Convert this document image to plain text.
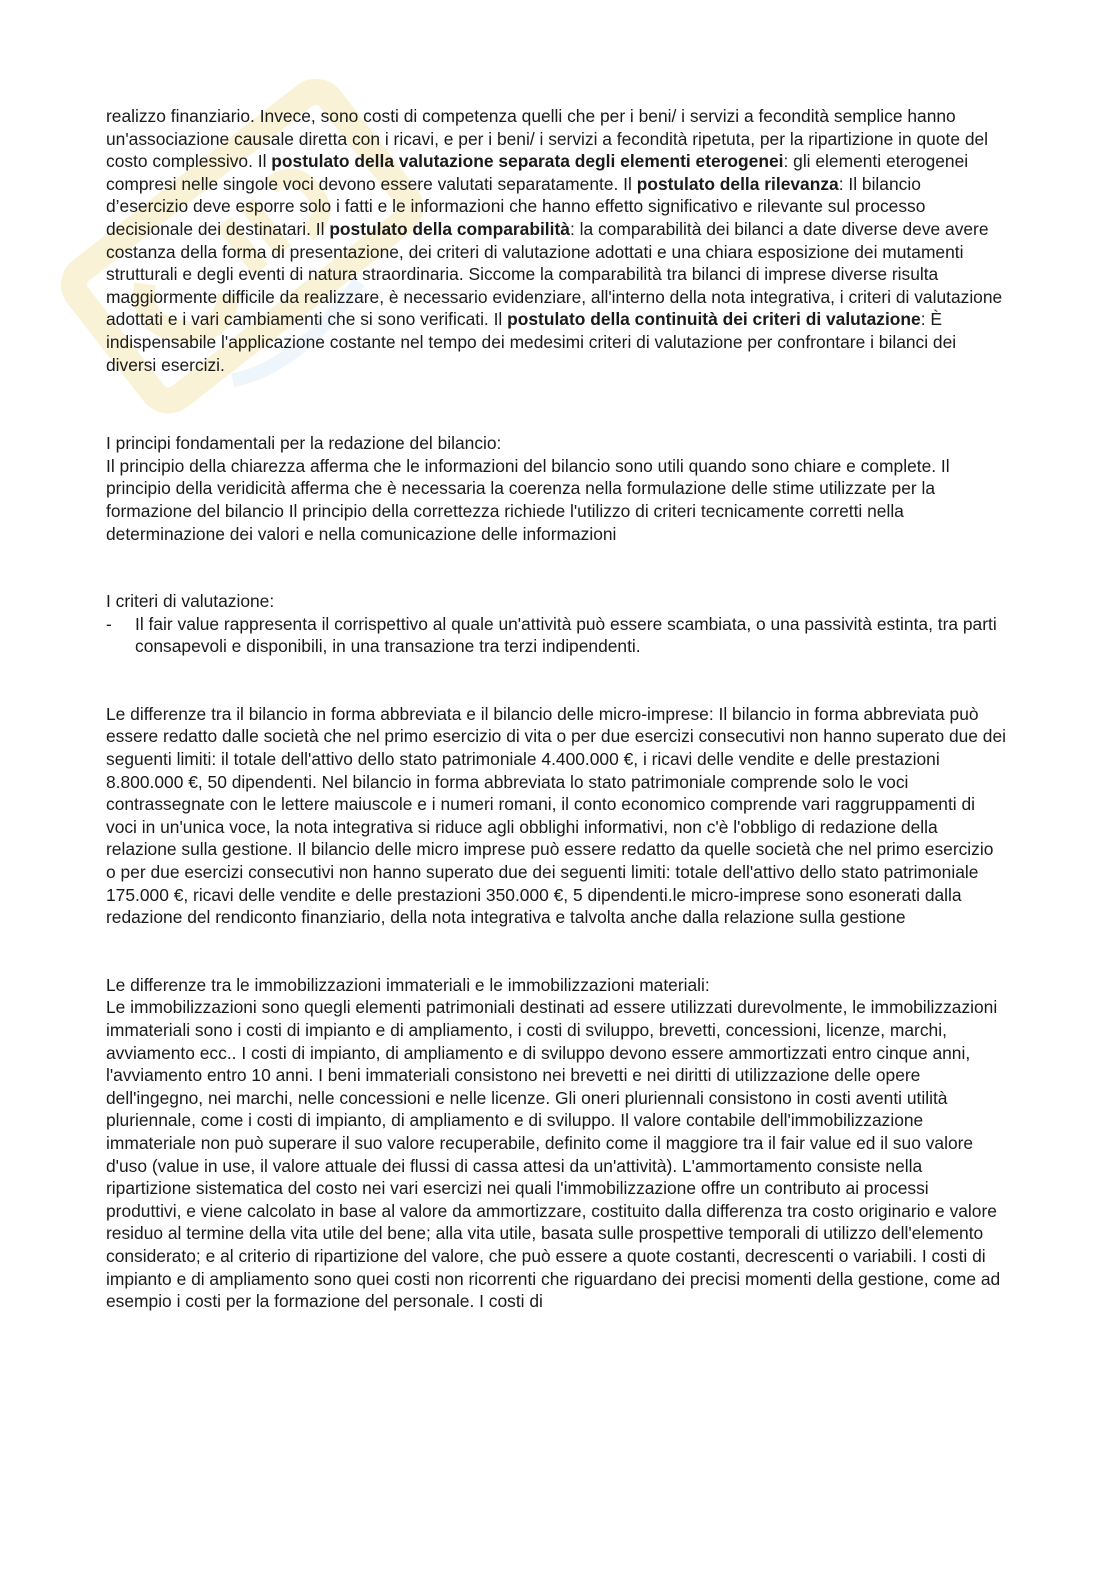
realizzo finanziario. Invece, sono costi di competenza quelli che per i beni/ i servizi a fecondità semplice hanno un'associazione causale diretta con i ricavi, e per i beni/ i servizi a fecondità ripetuta, per la ripartizione in quote del costo complessivo. Il postulato della valutazione separata degli elementi eterogenei: gli elementi eterogenei compresi nelle singole voci devono essere valutati separatamente. Il postulato della rilevanza: Il bilancio d’esercizio deve esporre solo i fatti e le informazioni che hanno effetto significativo e rilevante sul processo decisionale dei destinatari. Il postulato della comparabilità: la comparabilità dei bilanci a date diverse deve avere costanza della forma di presentazione, dei criteri di valutazione adottati e una chiara esposizione dei mutamenti strutturali e degli eventi di natura straordinaria. Siccome la comparabilità tra bilanci di imprese diverse risulta maggiormente difficile da realizzare, è necessario evidenziare, all'interno della nota integrativa, i criteri di valutazione adottati e i vari cambiamenti che si sono verificati. Il postulato della continuità dei criteri di valutazione: È indispensabile l'applicazione costante nel tempo dei medesimi criteri di valutazione per confrontare i bilanci dei diversi esercizi.

I principi fondamentali per la redazione del bilancio:

Il principio della chiarezza afferma che le informazioni del bilancio sono utili quando sono chiare e complete. Il principio della veridicità afferma che è necessaria la coerenza nella formulazione delle stime utilizzate per la formazione del bilancio Il principio della correttezza richiede l'utilizzo di criteri tecnicamente corretti nella determinazione dei valori e nella comunicazione delle informazioni

I criteri di valutazione:

- Il fair value rappresenta il corrispettivo al quale un'attività può essere scambiata, o una passività estinta, tra parti consapevoli e disponibili, in una transazione tra terzi indipendenti.

Le differenze tra il bilancio in forma abbreviata e il bilancio delle micro-imprese: Il bilancio in forma abbreviata può essere redatto dalle società che nel primo esercizio di vita o per due esercizi consecutivi non hanno superato due dei seguenti limiti: il totale dell'attivo dello stato patrimoniale 4.400.000 €, i ricavi delle vendite e delle prestazioni 8.800.000 €, 50 dipendenti. Nel bilancio in forma abbreviata lo stato patrimoniale comprende solo le voci contrassegnate con le lettere maiuscole e i numeri romani, il conto economico comprende vari raggruppamenti di voci in un'unica voce, la nota integrativa si riduce agli obblighi informativi, non c'è l'obbligo di redazione della relazione sulla gestione. Il bilancio delle micro imprese può essere redatto da quelle società che nel primo esercizio o per due esercizi consecutivi non hanno superato due dei seguenti limiti: totale dell'attivo dello stato patrimoniale 175.000 €, ricavi delle vendite e delle prestazioni 350.000 €, 5 dipendenti.le micro-imprese sono esonerati dalla redazione del rendiconto finanziario, della nota integrativa e talvolta anche dalla relazione sulla gestione

Le differenze tra le immobilizzazioni immateriali e le immobilizzazioni materiali:

Le immobilizzazioni sono quegli elementi patrimoniali destinati ad essere utilizzati durevolmente, le immobilizzazioni immateriali sono i costi di impianto e di ampliamento, i costi di sviluppo, brevetti, concessioni, licenze, marchi, avviamento ecc.. I costi di impianto, di ampliamento e di sviluppo devono essere ammortizzati entro cinque anni, l'avviamento entro 10 anni. I beni immateriali consistono nei brevetti e nei diritti di utilizzazione delle opere dell'ingegno, nei marchi, nelle concessioni e nelle licenze. Gli oneri pluriennali consistono in costi aventi utilità pluriennale, come i costi di impianto, di ampliamento e di sviluppo. Il valore contabile dell'immobilizzazione immateriale non può superare il suo valore recuperabile, definito come il maggiore tra il fair value ed il suo valore d'uso (value in use, il valore attuale dei flussi di cassa attesi da un'attività). L'ammortamento consiste nella ripartizione sistematica del costo nei vari esercizi nei quali l'immobilizzazione offre un contributo ai processi produttivi, e viene calcolato in base al valore da ammortizzare, costituito dalla differenza tra costo originario e valore residuo al termine della vita utile del bene; alla vita utile, basata sulle prospettive temporali di utilizzo dell'elemento considerato; e al criterio di ripartizione del valore, che può essere a quote costanti, decrescenti o variabili. I costi di impianto e di ampliamento sono quei costi non ricorrenti che riguardano dei precisi momenti della gestione, come ad esempio i costi per la formazione del personale. I costi di
